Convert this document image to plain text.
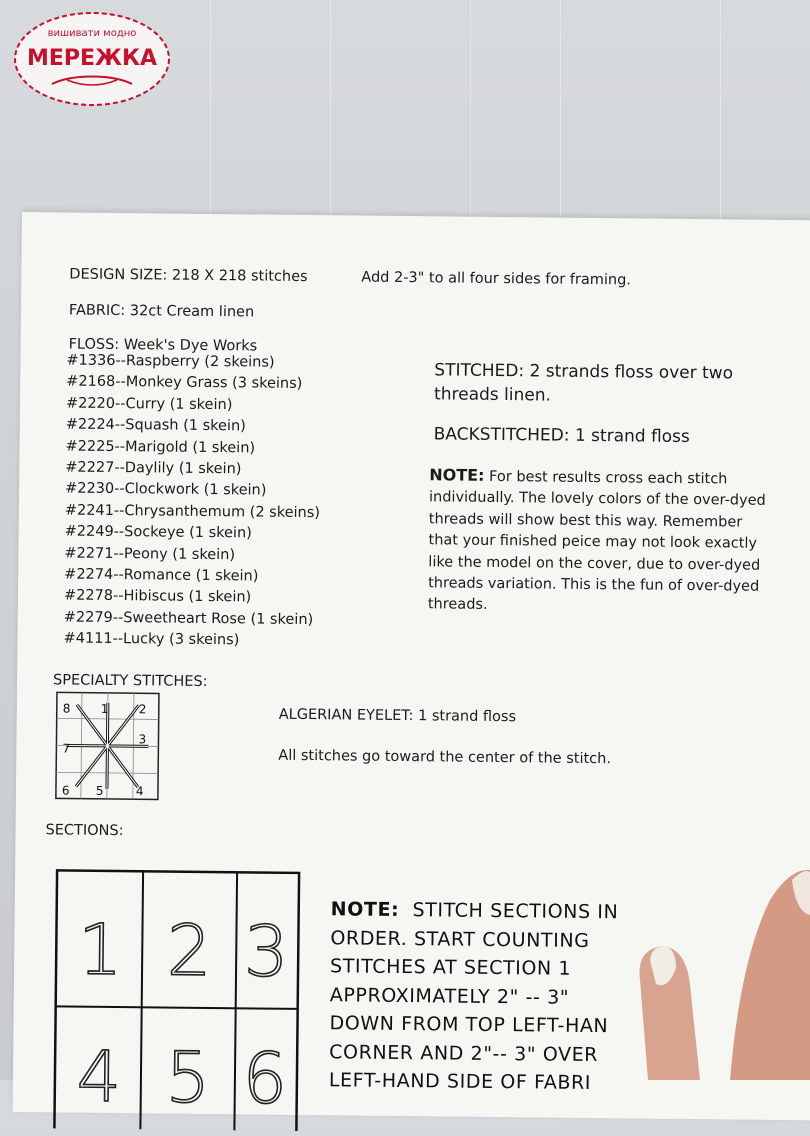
вишивати модно
МЕРЕЖКА
DESIGN SIZE: 218 X 218 stitches	Add 2-3" to all four sides for framing.
FABRIC: 32ct Cream linen
FLOSS: Week's Dye Works
#1336--Raspberry (2 skeins)
#2168--Monkey Grass (3 skeins)
#2220--Curry (1 skein)
#2224--Squash (1 skein)
#2225--Marigold (1 skein)
#2227--Daylily (1 skein)
#2230--Clockwork (1 skein)
#2241--Chrysanthemum (2 skeins)
#2249--Sockeye (1 skein)
#2271--Peony (1 skein)
#2274--Romance (1 skein)
#2278--Hibiscus (1 skein)
#2279--Sweetheart Rose (1 skein)
#4111--Lucky (3 skeins)
STITCHED: 2 strands floss over two threads linen.
BACKSTITCHED: 1 strand floss
NOTE: For best results cross each stitch individually. The lovely colors of the over-dyed threads will show best this way. Remember that your finished peice may not look exactly like the model on the cover, due to over-dyed threads variation. This is the fun of over-dyed threads.
SPECIALTY STITCHES:
1	2
3
4
5
6
7
8	ALGERIAN EYELET: 1 strand floss
All stitches go toward the center of the stitch.
SECTIONS:
1 2 3
4 5 6
NOTE: STITCH SECTIONS IN
ORDER. START COUNTING
STITCHES AT SECTION 1
APPROXIMATELY 2" -- 3"
DOWN FROM TOP LEFT-HAN
CORNER AND 2"-- 3" OVER
LEFT-HAND SIDE OF FABRI
